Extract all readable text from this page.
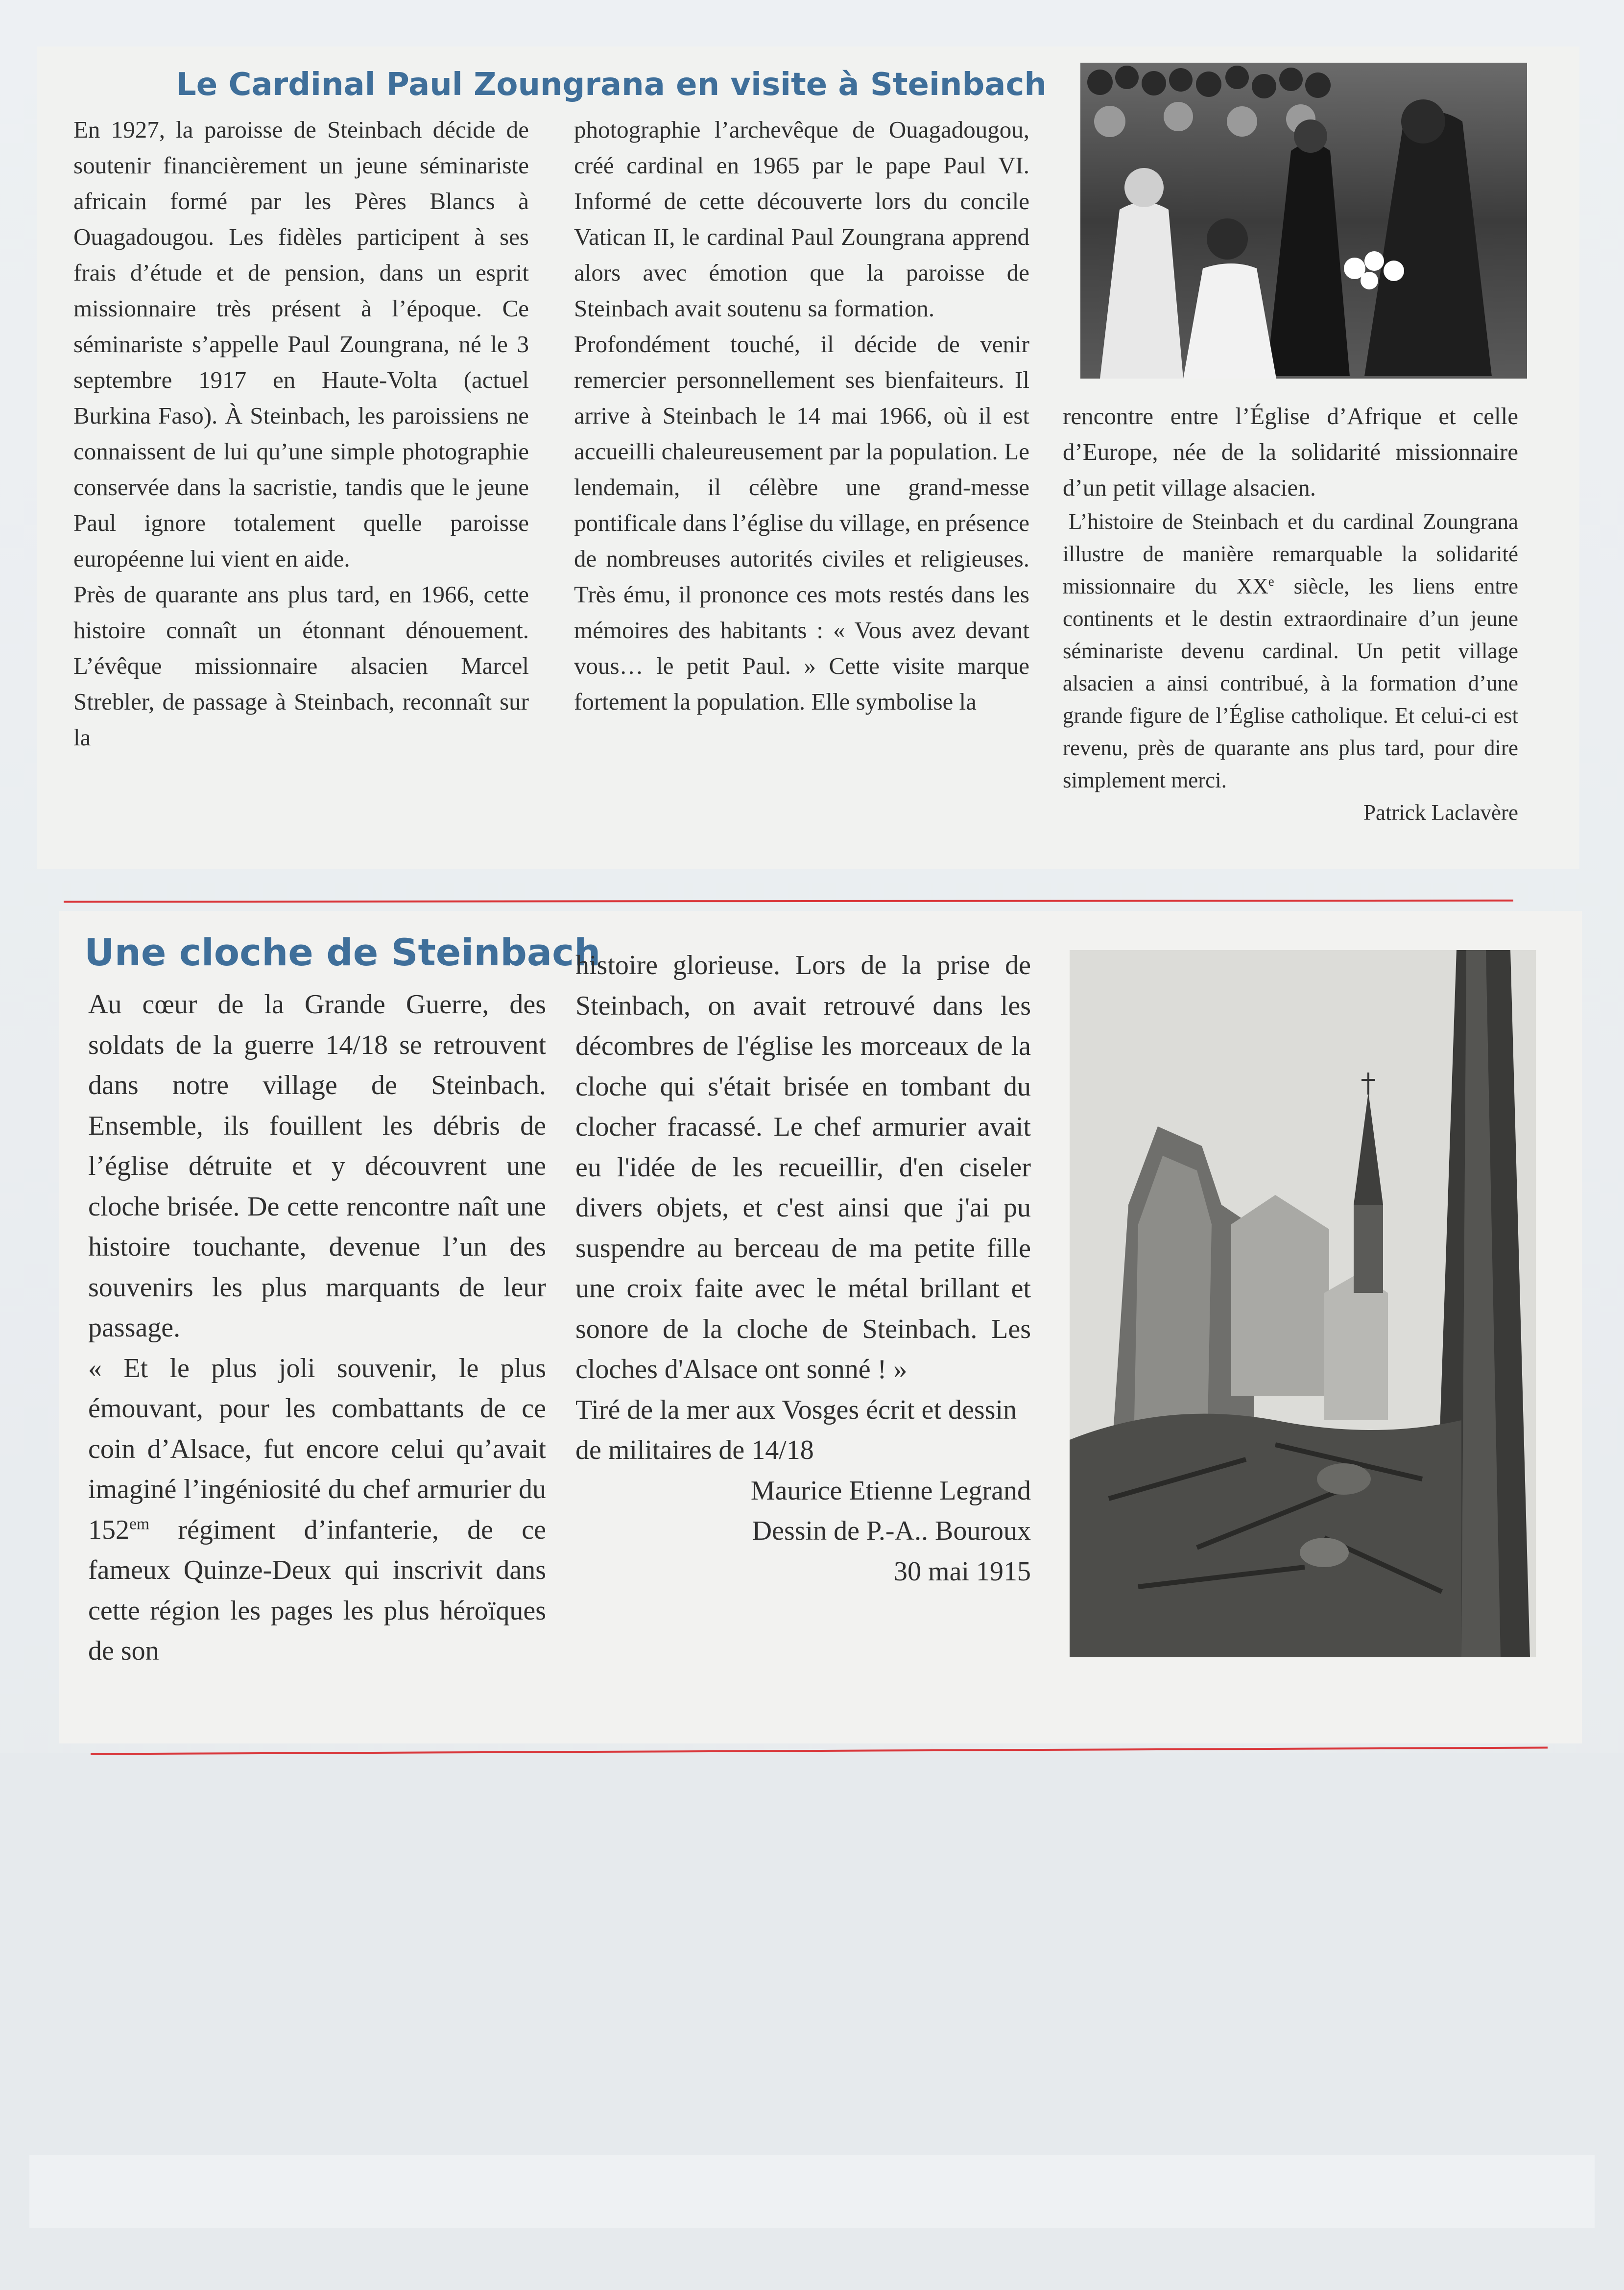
Le Cardinal Paul Zoungrana en visite à Steinbach

En 1927, la paroisse de Steinbach décide de soutenir financièrement un jeune séminariste africain formé par les Pères Blancs à Ouagadougou. Les fidèles participent à ses frais d’étude et de pension, dans un esprit missionnaire très présent à l’époque. Ce séminariste s’appelle Paul Zoungrana, né le 3 septembre 1917 en Haute-Volta (actuel Burkina Faso). À Steinbach, les paroissiens ne connaissent de lui qu’une simple photographie conservée dans la sacristie, tandis que le jeune Paul ignore totalement quelle paroisse européenne lui vient en aide.

Près de quarante ans plus tard, en 1966, cette histoire connaît un étonnant dénouement. L’évêque missionnaire alsacien Marcel Strebler, de passage à Steinbach, reconnaît sur la

photographie l’archevêque de Ouagadougou, créé cardinal en 1965 par le pape Paul VI. Informé de cette découverte lors du concile Vatican II, le cardinal Paul Zoungrana apprend alors avec émotion que la paroisse de Steinbach avait soutenu sa formation.

Profondément touché, il décide de venir remercier personnellement ses bienfaiteurs. Il arrive à Steinbach le 14 mai 1966, où il est accueilli chaleureusement par la population. Le lendemain, il célèbre une grand-messe pontificale dans l’église du village, en présence de nombreuses autorités civiles et religieuses. Très ému, il prononce ces mots restés dans les mémoires des habitants : « Vous avez devant vous… le petit Paul. » Cette visite marque fortement la population. Elle symbolise la

rencontre entre l’Église d’Afrique et celle d’Europe, née de la solidarité missionnaire d’un petit village alsacien.

L’histoire de Steinbach et du cardinal Zoungrana illustre de manière remarquable la solidarité missionnaire du XXe siècle, les liens entre continents et le destin extraordinaire d’un jeune séminariste devenu cardinal. Un petit village alsacien a ainsi contribué, à la formation d’une grande figure de l’Église catholique. Et celui-ci est revenu, près de quarante ans plus tard, pour dire simplement merci.

Patrick Laclavère

Une cloche de Steinbach

Au cœur de la Grande Guerre, des soldats de la guerre 14/18 se retrouvent dans notre village de Steinbach. Ensemble, ils fouillent les débris de l’église détruite et y découvrent une cloche brisée. De cette rencontre naît une histoire touchante, devenue l’un des souvenirs les plus marquants de leur passage.

« Et le plus joli souvenir, le plus émouvant, pour les combattants de ce coin d’Alsace, fut encore celui qu’avait imaginé l’ingéniosité du chef armurier du $152^{em}$ régiment d’infanterie, de ce fameux Quinze-Deux qui inscrivit dans cette région les pages les plus héroïques de son

histoire glorieuse. Lors de la prise de Steinbach, on avait retrouvé dans les décombres de l'église les morceaux de la cloche qui s'était brisée en tombant du clocher fracassé. Le chef armurier avait eu l'idée de les recueillir, d'en ciseler divers objets, et c'est ainsi que j'ai pu suspendre au berceau de ma petite fille une croix faite avec le métal brillant et sonore de la cloche de Steinbach. Les cloches d'Alsace ont sonné ! »

Tiré de la mer aux Vosges écrit et dessin de militaires de 14/18

Maurice Etienne Legrand

Dessin de P.-A.. Bouroux

30 mai 1915
